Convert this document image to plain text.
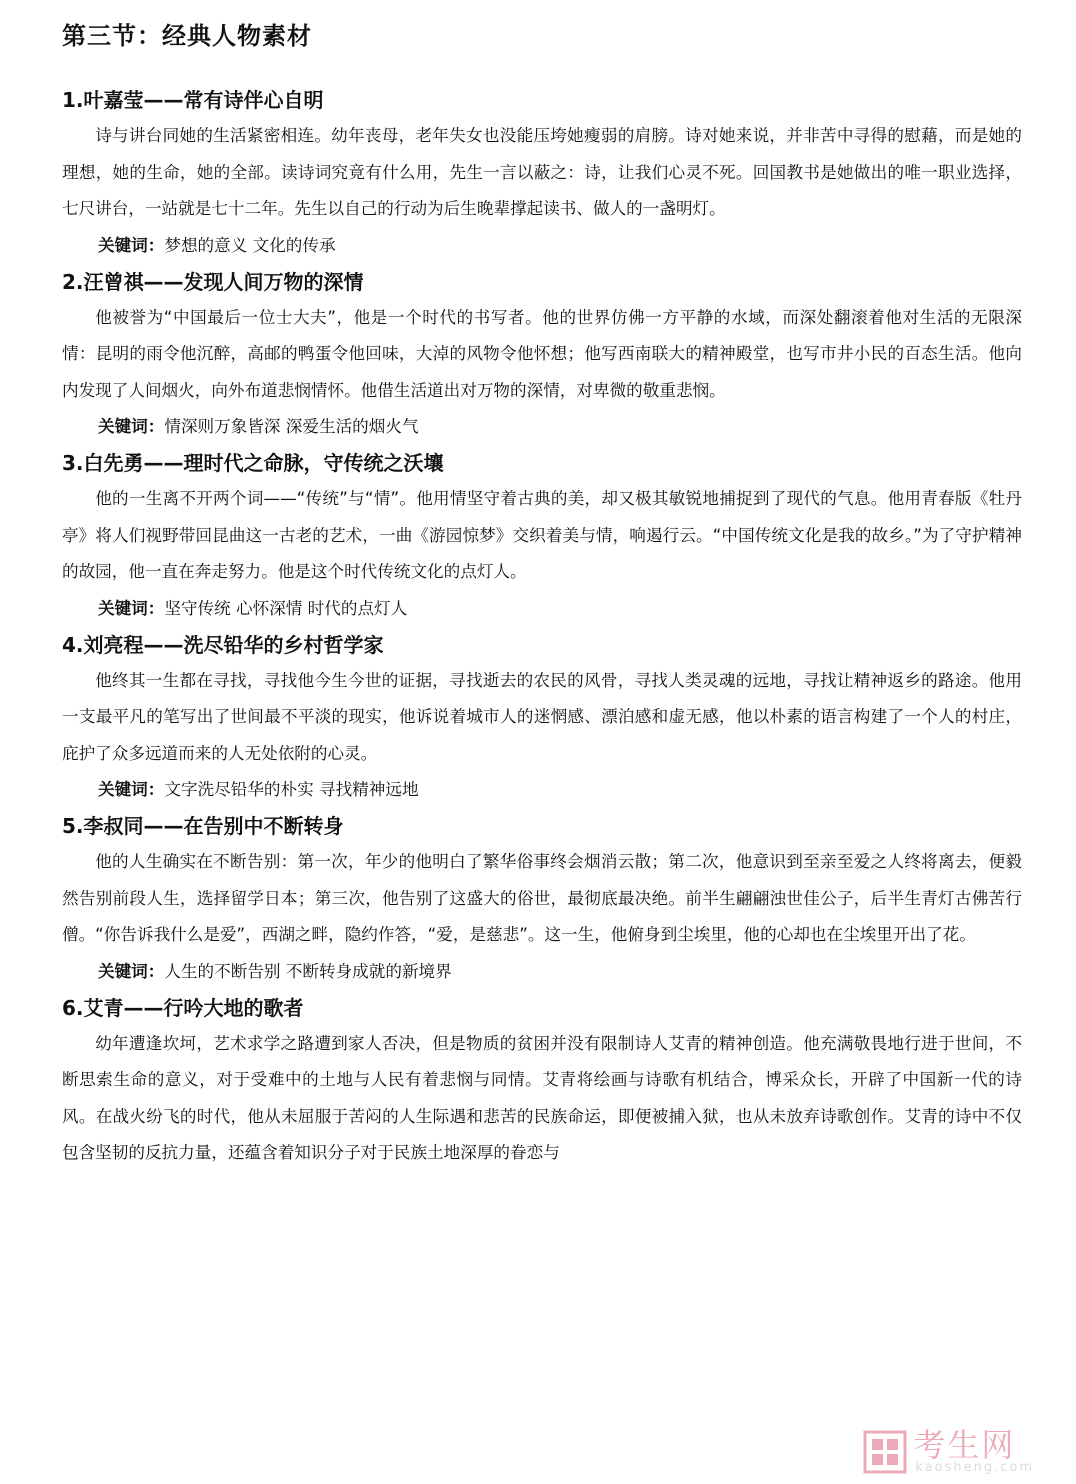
第三节：经典人物素材

1.叶嘉莹——常有诗伴心自明

诗与讲台同她的生活紧密相连。幼年丧母，老年失女也没能压垮她瘦弱的肩膀。诗对她来说，并非苦中寻得的慰藉，而是她的理想，她的生命，她的全部。读诗词究竟有什么用，先生一言以蔽之：诗，让我们心灵不死。回国教书是她做出的唯一职业选择，七尺讲台，一站就是七十二年。先生以自己的行动为后生晚辈撑起读书、做人的一盏明灯。

关键词：梦想的意义 文化的传承

2.汪曾祺——发现人间万物的深情

他被誉为“中国最后一位士大夫”，他是一个时代的书写者。他的世界仿佛一方平静的水域，而深处翻滚着他对生活的无限深情：昆明的雨令他沉醉，高邮的鸭蛋令他回味，大淖的风物令他怀想；他写西南联大的精神殿堂，也写市井小民的百态生活。他向内发现了人间烟火，向外布道悲悯情怀。他借生活道出对万物的深情，对卑微的敬重悲悯。

关键词：情深则万象皆深 深爱生活的烟火气

3.白先勇——理时代之命脉，守传统之沃壤

他的一生离不开两个词——“传统”与“情”。他用情坚守着古典的美，却又极其敏锐地捕捉到了现代的气息。他用青春版《牡丹亭》将人们视野带回昆曲这一古老的艺术，一曲《游园惊梦》交织着美与情，响遏行云。“中国传统文化是我的故乡。”为了守护精神的故园，他一直在奔走努力。他是这个时代传统文化的点灯人。

关键词：坚守传统 心怀深情 时代的点灯人

4.刘亮程——洗尽铅华的乡村哲学家

他终其一生都在寻找，寻找他今生今世的证据，寻找逝去的农民的风骨，寻找人类灵魂的远地，寻找让精神返乡的路途。他用一支最平凡的笔写出了世间最不平淡的现实，他诉说着城市人的迷惘感、漂泊感和虚无感，他以朴素的语言构建了一个人的村庄，庇护了众多远道而来的人无处依附的心灵。

关键词：文字洗尽铅华的朴实 寻找精神远地

5.李叔同——在告别中不断转身

他的人生确实在不断告别：第一次，年少的他明白了繁华俗事终会烟消云散；第二次，他意识到至亲至爱之人终将离去，便毅然告别前段人生，选择留学日本；第三次，他告别了这盛大的俗世，最彻底最决绝。前半生翩翩浊世佳公子，后半生青灯古佛苦行僧。“你告诉我什么是爱”，西湖之畔，隐约作答，“爱，是慈悲”。这一生，他俯身到尘埃里，他的心却也在尘埃里开出了花。

关键词：人生的不断告别 不断转身成就的新境界

6.艾青——行吟大地的歌者

幼年遭逢坎坷，艺术求学之路遭到家人否决，但是物质的贫困并没有限制诗人艾青的精神创造。他充满敬畏地行进于世间，不断思索生命的意义，对于受难中的土地与人民有着悲悯与同情。艾青将绘画与诗歌有机结合，博采众长，开辟了中国新一代的诗风。在战火纷飞的时代，他从未屈服于苦闷的人生际遇和悲苦的民族命运，即便被捕入狱，也从未放弃诗歌创作。艾青的诗中不仅包含坚韧的反抗力量，还蕴含着知识分子对于民族土地深厚的眷恋与

考生网
kaosheng.com
